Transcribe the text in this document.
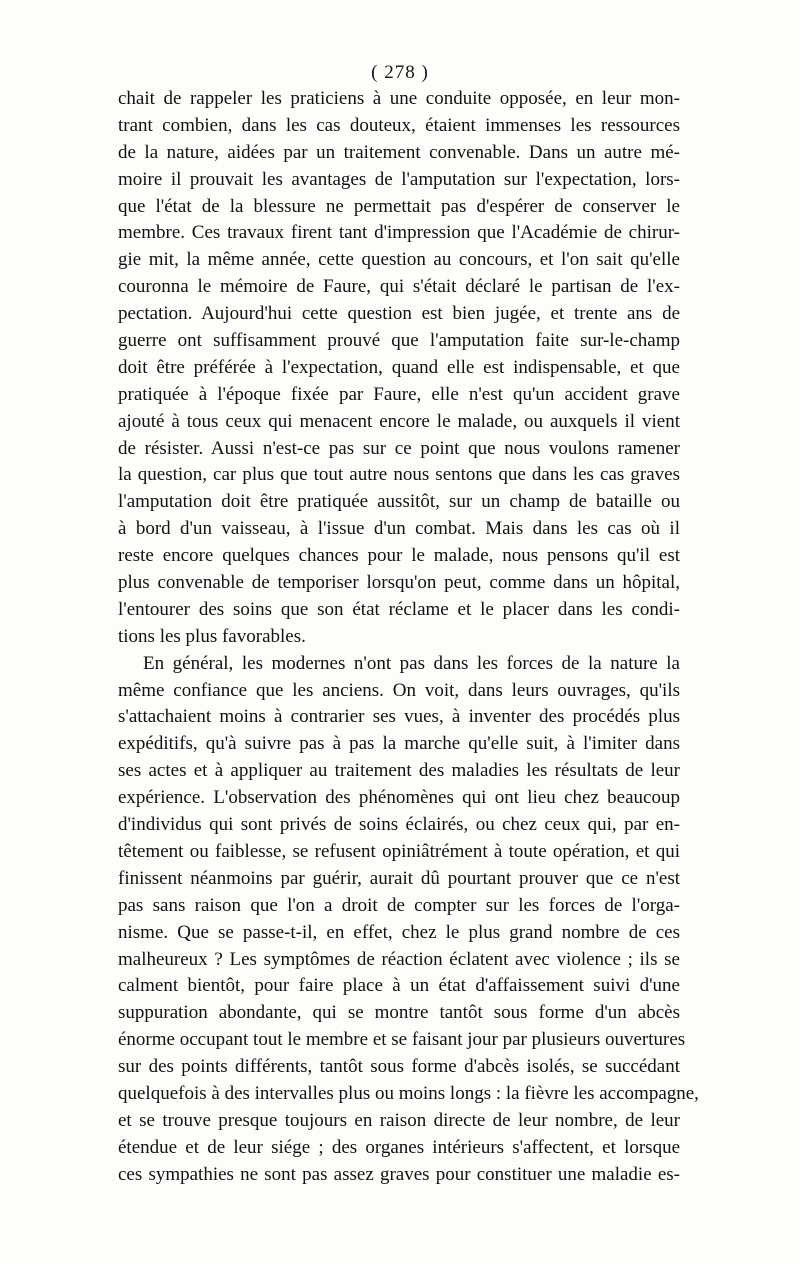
( 278 )
chait de rappeler les praticiens à une conduite opposée, en leur mon-
trant combien, dans les cas douteux, étaient immenses les ressources
de la nature, aidées par un traitement convenable. Dans un autre mé-
moire il prouvait les avantages de l'amputation sur l'expectation, lors-
que l'état de la blessure ne permettait pas d'espérer de conserver le
membre. Ces travaux firent tant d'impression que l'Académie de chirur-
gie mit, la même année, cette question au concours, et l'on sait qu'elle
couronna le mémoire de Faure, qui s'était déclaré le partisan de l'ex-
pectation. Aujourd'hui cette question est bien jugée, et trente ans de
guerre ont suffisamment prouvé que l'amputation faite sur-le-champ
doit être préférée à l'expectation, quand elle est indispensable, et que
pratiquée à l'époque fixée par Faure, elle n'est qu'un accident grave
ajouté à tous ceux qui menacent encore le malade, ou auxquels il vient
de résister. Aussi n'est-ce pas sur ce point que nous voulons ramener
la question, car plus que tout autre nous sentons que dans les cas graves
l'amputation doit être pratiquée aussitôt, sur un champ de bataille ou
à bord d'un vaisseau, à l'issue d'un combat. Mais dans les cas où il
reste encore quelques chances pour le malade, nous pensons qu'il est
plus convenable de temporiser lorsqu'on peut, comme dans un hôpital,
l'entourer des soins que son état réclame et le placer dans les condi-
tions les plus favorables.
En général, les modernes n'ont pas dans les forces de la nature la
même confiance que les anciens. On voit, dans leurs ouvrages, qu'ils
s'attachaient moins à contrarier ses vues, à inventer des procédés plus
expéditifs, qu'à suivre pas à pas la marche qu'elle suit, à l'imiter dans
ses actes et à appliquer au traitement des maladies les résultats de leur
expérience. L'observation des phénomènes qui ont lieu chez beaucoup
d'individus qui sont privés de soins éclairés, ou chez ceux qui, par en-
têtement ou faiblesse, se refusent opiniâtrément à toute opération, et qui
finissent néanmoins par guérir, aurait dû pourtant prouver que ce n'est
pas sans raison que l'on a droit de compter sur les forces de l'orga-
nisme. Que se passe-t-il, en effet, chez le plus grand nombre de ces
malheureux ? Les symptômes de réaction éclatent avec violence ; ils se
calment bientôt, pour faire place à un état d'affaissement suivi d'une
suppuration abondante, qui se montre tantôt sous forme d'un abcès
énorme occupant tout le membre et se faisant jour par plusieurs ouvertures
sur des points différents, tantôt sous forme d'abcès isolés, se succédant
quelquefois à des intervalles plus ou moins longs : la fièvre les accompagne,
et se trouve presque toujours en raison directe de leur nombre, de leur
étendue et de leur siége ; des organes intérieurs s'affectent, et lorsque
ces sympathies ne sont pas assez graves pour constituer une maladie es-
